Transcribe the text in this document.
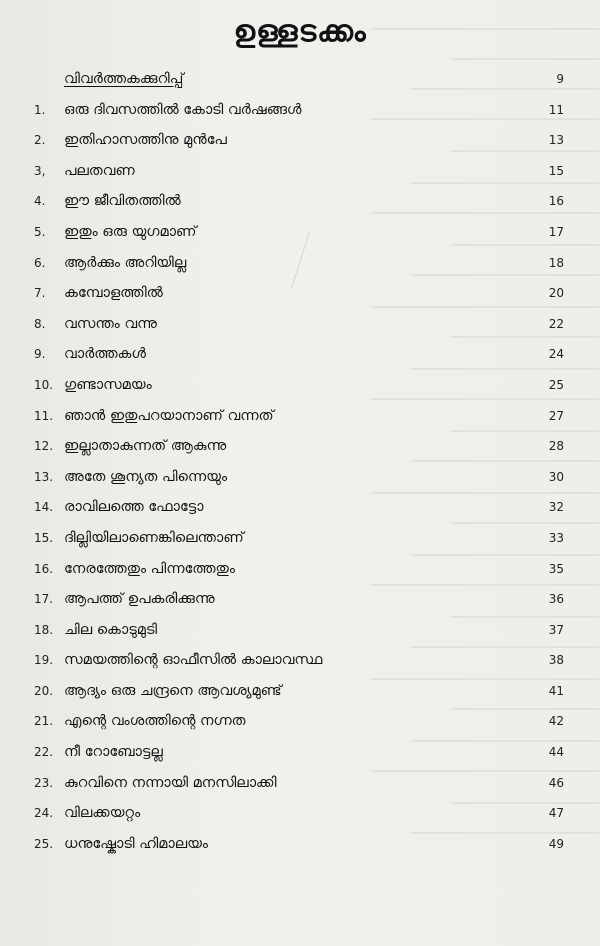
ഉള്ളടക്കം
വിവർത്തകക്കുറിപ്പ്	9
1.	ഒരു ദിവസത്തിൽ കോടി വർഷങ്ങൾ	11
2.	ഇതിഹാസത്തിനു മുൻപേ	13
3,	പലതവണ	15
4.	ഈ ജീവിതത്തിൽ	16
5.	ഇതും ഒരു യുഗമാണ്	17
6.	ആർക്കും അറിയില്ല	18
7.	കമ്പോളത്തിൽ	20
8.	വസന്തം വന്നു	22
9.	വാർത്തകൾ	24
10. ഗുണ്ടാസമയം	25
11. ഞാൻ ഇതുപറയാനാണ് വന്നത്	27
12. ഇല്ലാതാകുന്നത് ആകുന്നു	28
13. അതേ ശൂന്യത പിന്നെയും	30
14. രാവിലത്തെ ഫോട്ടോ	32
15. ദില്ലിയിലാണെങ്കിലെന്താണ്	33
16. നേരത്തേതും പിന്നത്തേതും	35
17. ആപത്ത് ഉപകരിക്കുന്നു	36
18. ചില കൊടുമുടി	37
19. സമയത്തിന്റെ ഓഫീസിൽ കാലാവസ്ഥ	38
20. ആദ്യം ഒരു ചന്ദ്രനെ ആവശ്യമുണ്ട്	41
21. എന്റെ വംശത്തിന്റെ നഗ്നത	42
22. നീ റോബോട്ടല്ല	44
23. കുറവിനെ നന്നായി മനസിലാക്കി	46
24. വിലക്കയറ്റം	47
25. ധനുഷ്കോടി ഹിമാലയം	49
